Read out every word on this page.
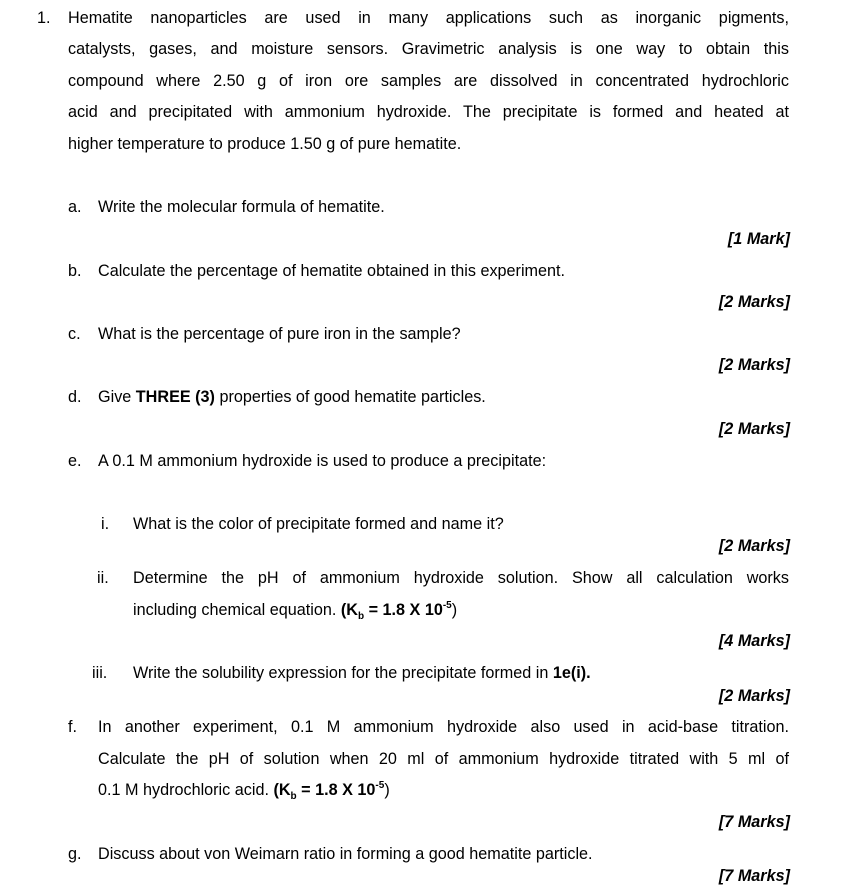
1. Hematite nanoparticles are used in many applications such as inorganic pigments,
catalysts, gases, and moisture sensors. Gravimetric analysis is one way to obtain this
compound where 2.50 g of iron ore samples are dissolved in concentrated hydrochloric
acid and precipitated with ammonium hydroxide. The precipitate is formed and heated at
higher temperature to produce 1.50 g of pure hematite.
a. Write the molecular formula of hematite.
[1 Mark]
b. Calculate the percentage of hematite obtained in this experiment.
[2 Marks]
c. What is the percentage of pure iron in the sample?
[2 Marks]
d. Give THREE (3) properties of good hematite particles.
[2 Marks]
e. A 0.1 M ammonium hydroxide is used to produce a precipitate:
i. What is the color of precipitate formed and name it?
[2 Marks]
ii. Determine the pH of ammonium hydroxide solution. Show all calculation works
including chemical equation. ($K_b = 1.8$ X $10^{-5}$)
[4 Marks]
iii. Write the solubility expression for the precipitate formed in 1e(i).
[2 Marks]
f. In another experiment, 0.1 M ammonium hydroxide also used in acid-base titration.
Calculate the pH of solution when 20 ml of ammonium hydroxide titrated with 5 ml of
0.1 M hydrochloric acid. ($K_b = 1.8$ X $10^{-5}$)
[7 Marks]
g. Discuss about von Weimarn ratio in forming a good hematite particle.
[7 Marks]
